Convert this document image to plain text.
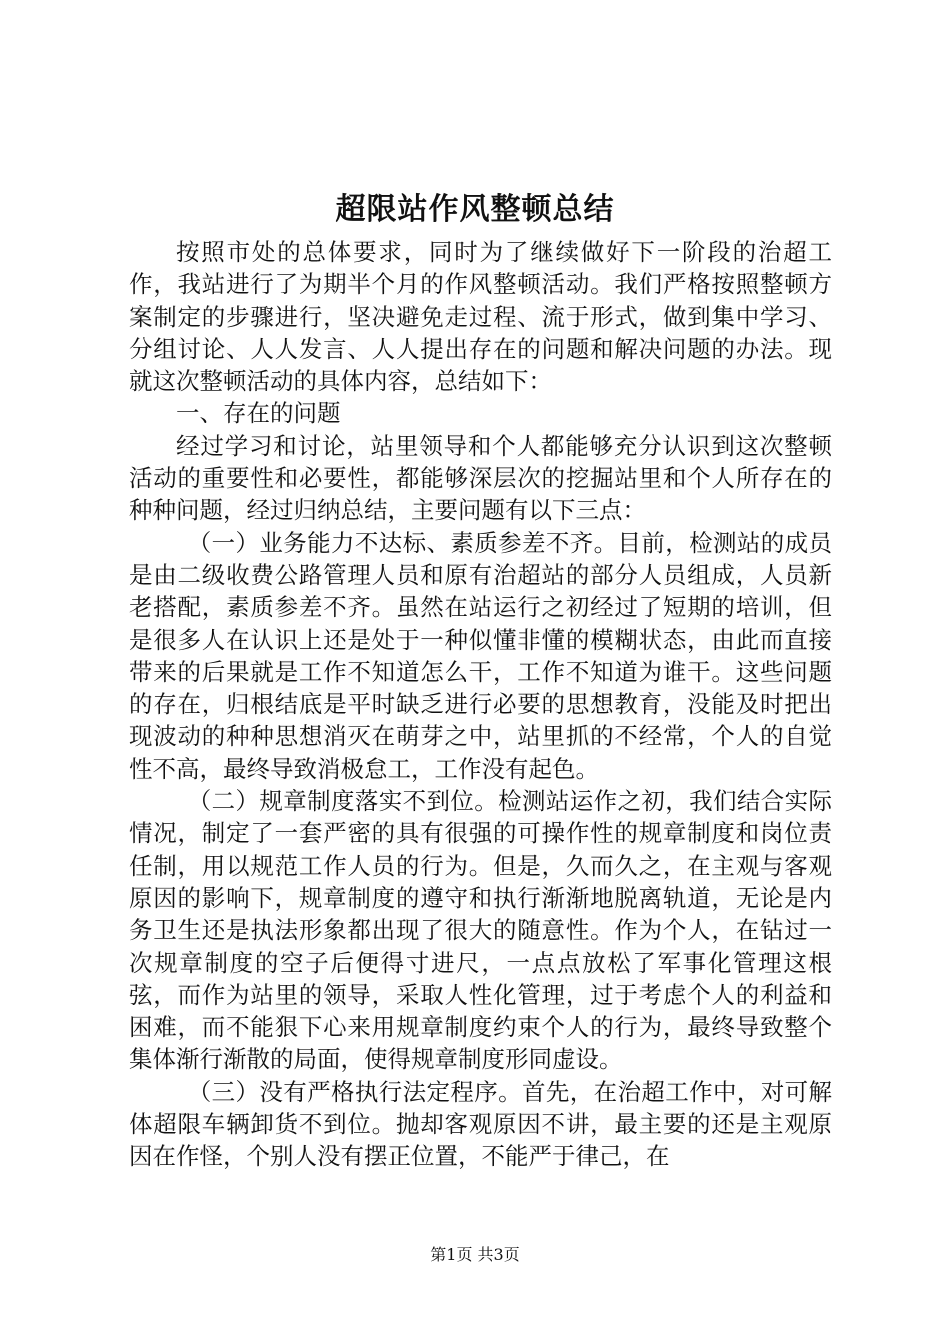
超限站作风整顿总结

按照市处的总体要求，同时为了继续做好下一阶段的治超工作，我站进行了为期半个月的作风整顿活动。我们严格按照整顿方案制定的步骤进行，坚决避免走过程、流于形式，做到集中学习、分组讨论、人人发言、人人提出存在的问题和解决问题的办法。现就这次整顿活动的具体内容，总结如下：

一、存在的问题

经过学习和讨论，站里领导和个人都能够充分认识到这次整顿活动的重要性和必要性，都能够深层次的挖掘站里和个人所存在的种种问题，经过归纳总结，主要问题有以下三点：

（一）业务能力不达标、素质参差不齐。目前，检测站的成员是由二级收费公路管理人员和原有治超站的部分人员组成，人员新老搭配，素质参差不齐。虽然在站运行之初经过了短期的培训，但是很多人在认识上还是处于一种似懂非懂的模糊状态，由此而直接带来的后果就是工作不知道怎么干，工作不知道为谁干。这些问题的存在，归根结底是平时缺乏进行必要的思想教育，没能及时把出现波动的种种思想消灭在萌芽之中，站里抓的不经常，个人的自觉性不高，最终导致消极怠工，工作没有起色。

（二）规章制度落实不到位。检测站运作之初，我们结合实际情况，制定了一套严密的具有很强的可操作性的规章制度和岗位责任制，用以规范工作人员的行为。但是，久而久之，在主观与客观原因的影响下，规章制度的遵守和执行渐渐地脱离轨道，无论是内务卫生还是执法形象都出现了很大的随意性。作为个人，在钻过一次规章制度的空子后便得寸进尺，一点点放松了军事化管理这根弦，而作为站里的领导，采取人性化管理，过于考虑个人的利益和困难，而不能狠下心来用规章制度约束个人的行为，最终导致整个集体渐行渐散的局面，使得规章制度形同虚设。

（三）没有严格执行法定程序。首先，在治超工作中，对可解体超限车辆卸货不到位。抛却客观原因不讲，最主要的还是主观原因在作怪，个别人没有摆正位置，不能严于律己，在

第1页 共3页
